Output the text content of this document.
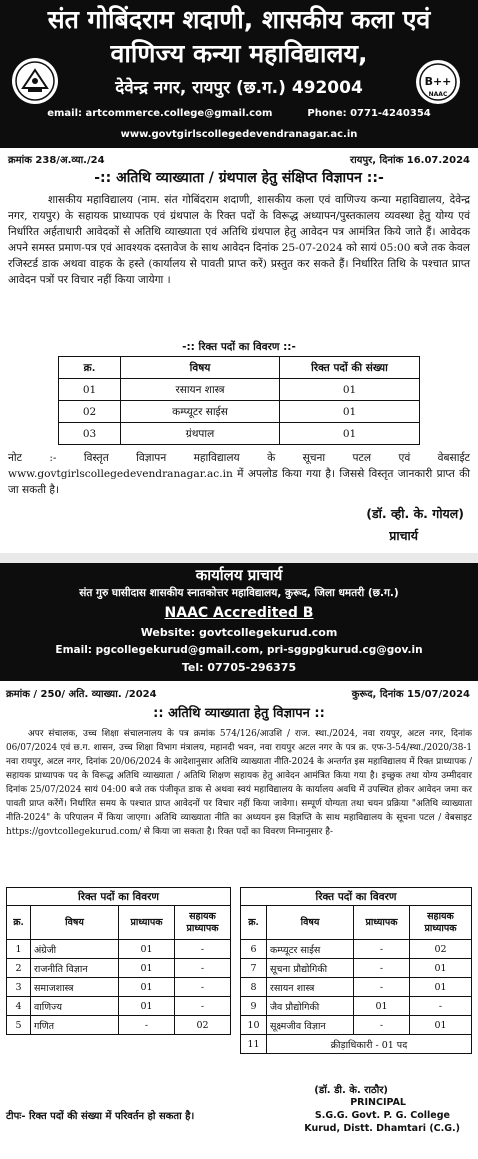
संत गोबिंदराम शदाणी, शासकीय कला एवं
वाणिज्य कन्या महाविद्यालय,
देवेन्द्र नगर, रायपुर (छ.ग.) 492004
email: artcommerce.college@gmail.com	Phone: 0771-4240354
www.govtgirlscollegedevendranagar.ac.in
B++
NAAC
क्रमांक 238/अ.व्या./24	रायपुर, दिनांक 16.07.2024
-:: अतिथि व्याख्याता / ग्रंथपाल हेतु संक्षिप्त विज्ञापन ::-

शासकीय महाविद्यालय (नाम. संत गोबिंदराम शदाणी, शासकीय कला एवं वाणिज्य कन्या महाविद्यालय, देवेन्द्र नगर, रायपुर) के सहायक प्राध्यापक एवं ग्रंथपाल के रिक्त पदों के विरूद्ध अध्यापन/पुस्तकालय व्यवस्था हेतु योग्य एवं निर्धारित अर्हताधारी आवेदकों से अतिथि व्याख्याता एवं अतिथि ग्रंथपाल हेतु आवेदन पत्र आमंत्रित किये जाते हैं। आवेदक अपने समस्त प्रमाण-पत्र एवं आवश्यक दस्तावेज के साथ आवेदन दिनांक 25-07-2024 को सायं 05:00 बजे तक केवल रजिस्टर्ड डाक अथवा वाहक के हस्ते (कार्यालय से पावती प्राप्त करें) प्रस्तुत कर सकते हैं। निर्धारित तिथि के पश्चात प्राप्त आवेदन पत्रों पर विचार नहीं किया जायेगा ।

-:: रिक्त पदों का विवरण ::-
क्र.	विषय	रिक्त पदों की संख्या
01	रसायन शास्त्र	01
02	कम्प्यूटर साईस	01
03	ग्रंथपाल	01
नोट :- विस्तृत विज्ञापन महाविद्यालय के सूचना पटल एवं वेबसाईट www.govtgirlscollegedevendranagar.ac.in में अपलोड किया गया है। जिससे विस्तृत जानकारी प्राप्त की जा सकती है।
(डॉ. व्ही. के. गोयल)
प्राचार्य
कार्यालय प्राचार्य
संत गुरु घासीदास शासकीय स्नातकोत्तर महाविद्यालय, कुरूद, जिला धमतरी (छ.ग.)
NAAC Accredited B
Website: govtcollegekurud.com
Email: pgcollegekurud@gmail.com, pri-sggpgkurud.cg@gov.in
Tel: 07705-296375
क्रमांक / 250/ अति. व्याख्या. /2024	कुरूद, दिनांक 15/07/2024
:: अतिथि व्याख्याता हेतु विज्ञापन ::

अपर संचालक, उच्च शिक्षा संचालनालय के पत्र क्रमांक 574/126/आउशि / राज. स्था./2024, नवा रायपुर, अटल नगर, दिनांक 06/07/2024 एवं छ.ग. शासन, उच्च शिक्षा विभाग मंत्रालय, महानदी भवन, नवा रायपुर अटल नगर के पत्र क्र. एफ-3-54/स्था./2020/38-1 नवा रायपुर, अटल नगर, दिनांक 20/06/2024 के आदेशानुसार अतिथि व्याख्याता नीति-2024 के अन्तर्गत इस महाविद्यालय में रिक्त प्राध्यापक / सहायक प्राध्यापक पद के विरूद्ध अतिथि व्याख्याता / अतिथि शिक्षण सहायक हेतु आवेदन आमंत्रित किया गया है। इच्छुक तथा योग्य उम्मीदवार दिनांक 25/07/2024 सायं 04:00 बजे तक पंजीकृत डाक से अथवा स्वयं महाविद्यालय के कार्यालय अवधि में उपस्थित होकर आवेदन जमा कर पावती प्राप्त करेंगें। निर्धारित समय के पश्चात प्राप्त आवेदनों पर विचार नहीं किया जावेगा। सम्पूर्ण योग्यता तथा चयन प्रक्रिया "अतिथि व्याख्याता नीति-2024" के परिपालन में किया जाएगा। अतिथि व्याख्याता नीति का अध्ययन इस विज्ञप्ति के साथ महाविद्यालय के सूचना पटल / वेबसाइट https://govtcollegekurud.com/ से किया जा सकता है। रिक्त पदों का विवरण निम्नानुसार है-

रिक्त पदों का विवरण			
क्र.	विषय	प्राध्यापक	सहायक प्राध्यापक
1	अंग्रेजी	01	-
2	राजनीति विज्ञान	01	-
3	समाजशास्त्र	01	-
4	वाणिज्य	01	-
5	गणित	-	02
रिक्त पदों का विवरण			
क्र.	विषय	प्राध्यापक	सहायक प्राध्यापक
6	कम्प्यूटर साईस	-	02
7	सूचना प्रौद्योगिकी	-	01
8	रसायन शास्त्र	-	01
9	जैव प्रौद्योगिकी	01	-
10	सूक्ष्मजीव विज्ञान	-	01
11	क्रीड़ाधिकारी - 01 पद		
टीपः- रिक्त पदों की संख्या में परिवर्तन हो सकता है।
(डॉ. डी. के. राठौर)
PRINCIPAL
S.G.G. Govt. P. G. College
Kurud, Distt. Dhamtari (C.G.)
